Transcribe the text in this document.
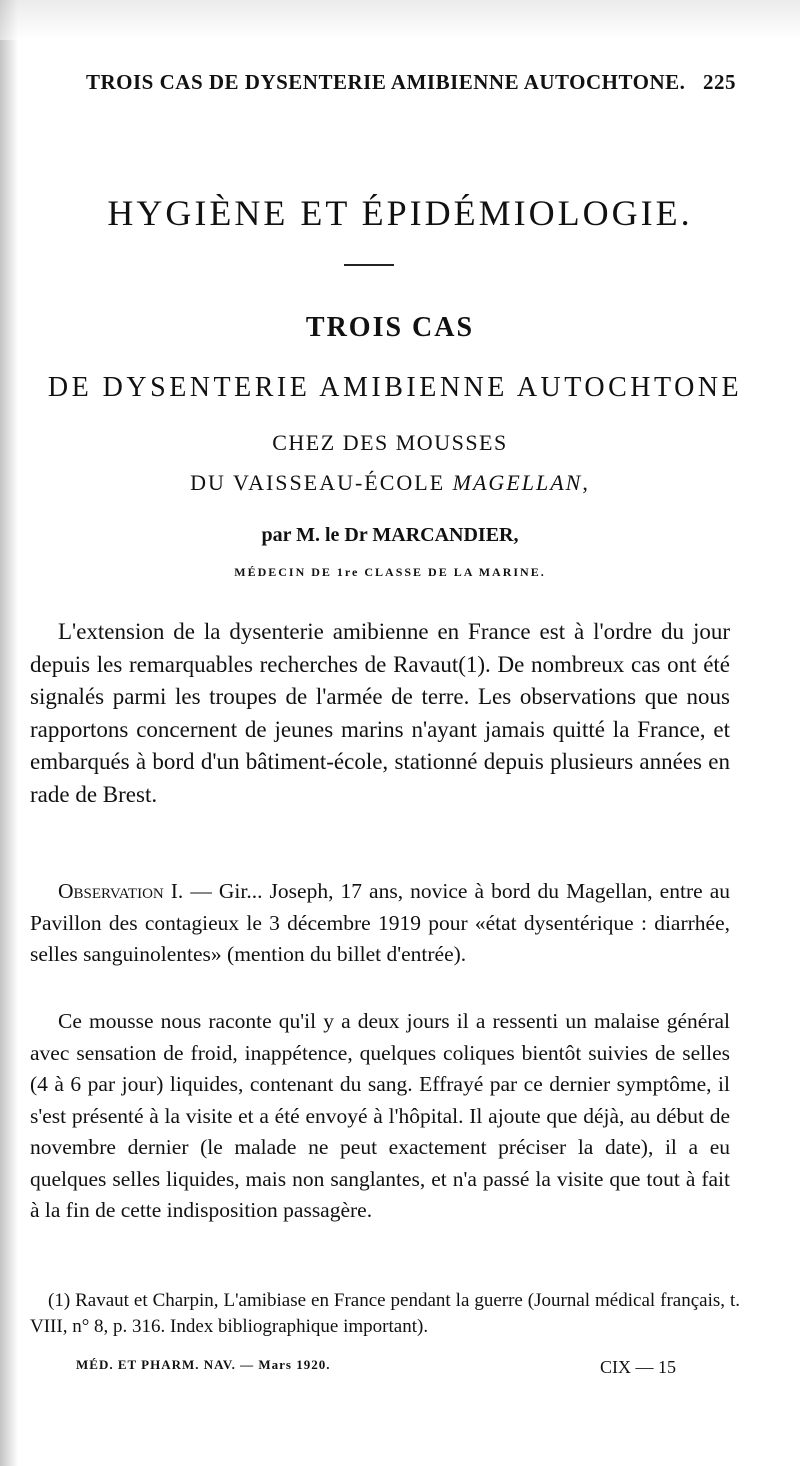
TROIS CAS DE DYSENTERIE AMIBIENNE AUTOCHTONE. 225
HYGIÈNE ET ÉPIDÉMIOLOGIE.
TROIS CAS
DE DYSENTERIE AMIBIENNE AUTOCHTONE
CHEZ DES MOUSSES
DU VAISSEAU-ÉCOLE MAGELLAN,
par M. le Dr MARCANDIER,
MÉDECIN DE 1re CLASSE DE LA MARINE.
L'extension de la dysenterie amibienne en France est à l'ordre du jour depuis les remarquables recherches de Ravaut(1). De nombreux cas ont été signalés parmi les troupes de l'armée de terre. Les observations que nous rapportons concernent de jeunes marins n'ayant jamais quitté la France, et embarqués à bord d'un bâtiment-école, stationné depuis plusieurs années en rade de Brest.
Observation I. — Gir... Joseph, 17 ans, novice à bord du Magellan, entre au Pavillon des contagieux le 3 décembre 1919 pour «état dysentérique : diarrhée, selles sanguinolentes» (mention du billet d'entrée).
Ce mousse nous raconte qu'il y a deux jours il a ressenti un malaise général avec sensation de froid, inappétence, quelques coliques bientôt suivies de selles (4 à 6 par jour) liquides, contenant du sang. Effrayé par ce dernier symptôme, il s'est présenté à la visite et a été envoyé à l'hôpital. Il ajoute que déjà, au début de novembre dernier (le malade ne peut exactement préciser la date), il a eu quelques selles liquides, mais non sanglantes, et n'a passé la visite que tout à fait à la fin de cette indisposition passagère.
(1) Ravaut et Charpin, L'amibiase en France pendant la guerre (Journal médical français, t. VIII, n° 8, p. 316. Index bibliographique important).
MÉD. ET PHARM. NAV. — Mars 1920.	CIX — 15
